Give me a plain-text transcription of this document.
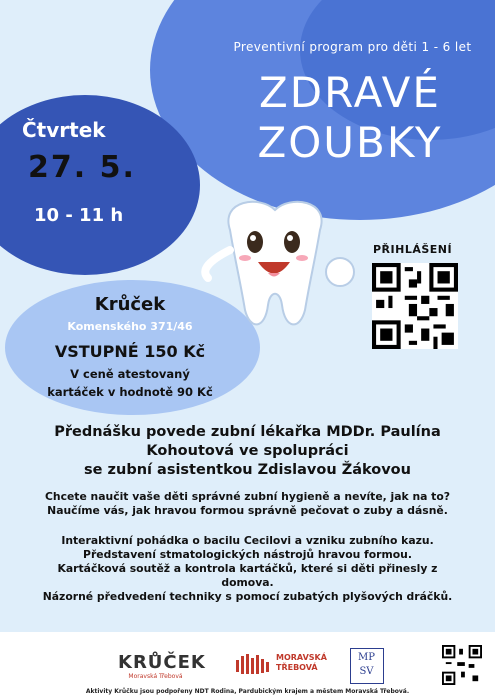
Preventivní program pro děti 1 - 6 let
ZDRAVÉ
ZOUBKY
Čtvrtek
27. 5.
10 - 11 h
PŘIHLÁŠENÍ
Krůček
Komenského 371/46
VSTUPNÉ 150 Kč
V ceně atestovaný
kartáček v hodnotě 90 Kč
Přednášku povede zubní lékařka MDDr. Paulína
Kohoutová ve spolupráci
se zubní asistentkou Zdislavou Žákovou
Chcete naučit vaše děti správné zubní hygieně a nevíte, jak na to?
Naučíme vás, jak hravou formou správně pečovat o zuby a dásně.
Interaktivní pohádka o bacilu Cecilovi a vzniku zubního kazu.
Představení stmatologických nástrojů hravou formou.
Kartáčková soutěž a kontrola kartáčků, které si děti přinesly z
domova.
Názorné předvedení techniky s pomocí zubatých plyšových dráčků.
KRŮČEK
Moravská Třebová
MORAVSKÁ
TŘEBOVÁ
MP
SV
Aktivity Krůčku jsou podpořeny NDT Rodina, Pardubickým krajem a městem Moravská Třebová.
